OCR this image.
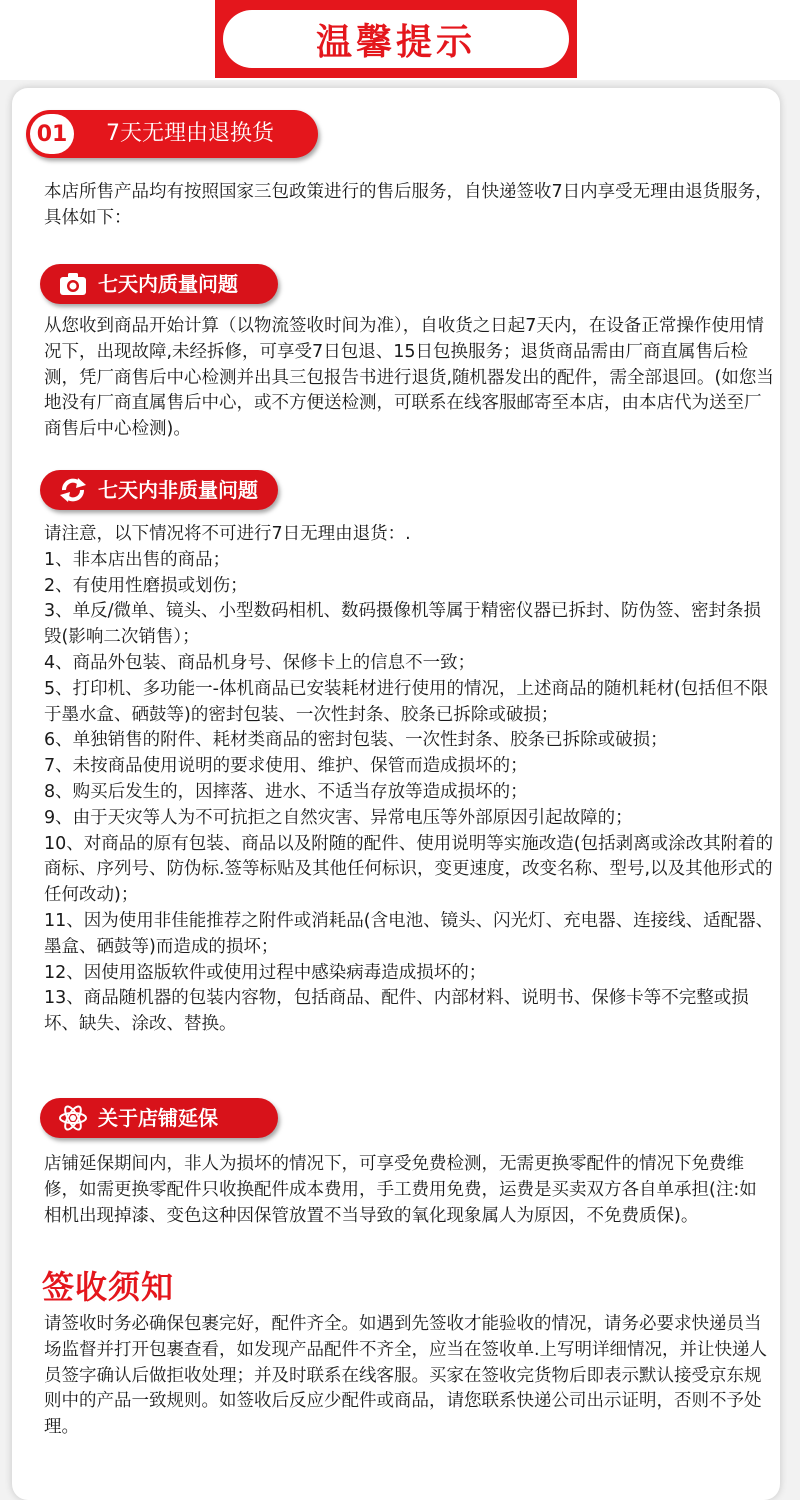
温馨提示
01	7天无理由退换货

本店所售产品均有按照国家三包政策进行的售后服务，自快递签收7日内享受无理由退货服务，具体如下：

七天内质量问题

从您收到商品开始计算（以物流签收时间为准），自收货之日起7天内，在设备正常操作使用情况下，出现故障,未经拆修，可享受7日包退、15日包换服务；退货商品需由厂商直属售后检测，凭厂商售后中心检测并出具三包报告书进行退货,随机器发出的配件，需全部退回。(如您当地没有厂商直属售后中心，或不方便送检测，可联系在线客服邮寄至本店，由本店代为送至厂商售后中心检测)。

七天内非质量问题

请注意，以下情况将不可进行7日无理由退货：.

1、非本店出售的商品；

2、有使用性磨损或划伤；

3、单反/微单、镜头、小型数码相机、数码摄像机等属于精密仪器已拆封、防伪签、密封条损毁(影响二次销售）；

4、商品外包装、商品机身号、保修卡上的信息不一致；

5、打印机、多功能一-体机商品已安装耗材进行使用的情况，上述商品的随机耗材(包括但不限于墨水盒、硒鼓等)的密封包装、一次性封条、胶条已拆除或破损；

6、单独销售的附件、耗材类商品的密封包装、一次性封条、胶条已拆除或破损；

7、未按商品使用说明的要求使用、维护、保管而造成损坏的；

8、购买后发生的，因摔落、进水、不适当存放等造成损坏的；

9、由于天灾等人为不可抗拒之自然灾害、异常电压等外部原因引起故障的；

10、对商品的原有包装、商品以及附随的配件、使用说明等实施改造(包括剥离或涂改其附着的商标、序列号、防伪标.签等标贴及其他任何标识，变更速度，改变名称、型号,以及其他形式的任何改动)；

11、因为使用非佳能推荐之附件或消耗品(含电池、镜头、闪光灯、充电器、连接线、适配器、墨盒、硒鼓等)而造成的损坏；

12、因使用盗版软件或使用过程中感染病毒造成损坏的；

13、商品随机器的包装内容物，包括商品、配件、内部材料、说明书、保修卡等不完整或损坏、缺失、涂改、替换。

关于店铺延保

店铺延保期间内，非人为损坏的情况下，可享受免费检测，无需更换零配件的情况下免费维修，如需更换零配件只收换配件成本费用，手工费用免费，运费是买卖双方各自单承担(注:如相机出现掉漆、变色这种因保管放置不当导致的氧化现象属人为原因，不免费质保)。

签收须知

请签收时务必确保包裹完好，配件齐全。如遇到先签收才能验收的情况，请务必要求快递员当场监督并打开包裹查看，如发现产品配件不齐全，应当在签收单.上写明详细情况，并让快递人员签字确认后做拒收处理；并及时联系在线客服。买家在签收完货物后即表示默认接受京东规则中的产品一致规则。如签收后反应少配件或商品，请您联系快递公司出示证明，否则不予处理。
